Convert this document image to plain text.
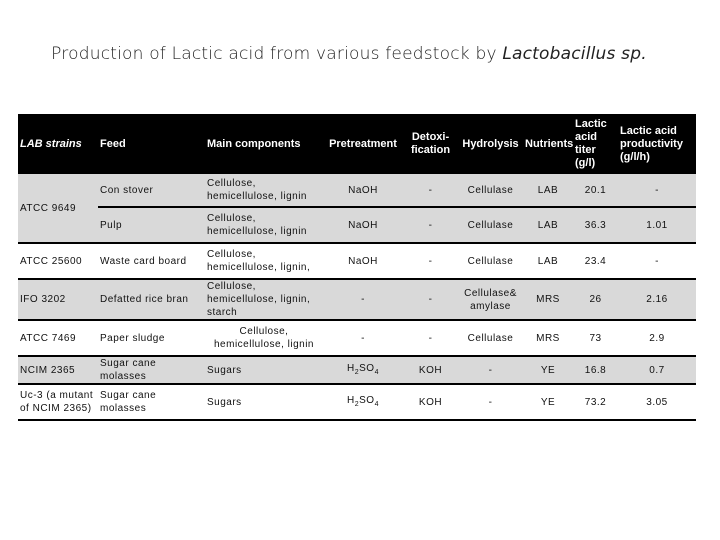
Production of Lactic acid from various feedstock by Lactobacillus sp.
LAB strains	Feed	Main components	Pretreatment	Detoxi-fication	Hydrolysis	Nutrients	Lactic acid titer (g/l)	Lactic acid productivity (g/l/h)
ATCC 9649	Con stover	Cellulose, hemicellulose, lignin	NaOH	-	Cellulase	LAB	20.1	-
	Pulp	Cellulose, hemicellulose, lignin	NaOH	-	Cellulase	LAB	36.3	1.01
ATCC 25600	Waste card board	Cellulose, hemicellulose, lignin,	NaOH	-	Cellulase	LAB	23.4	-
IFO 3202	Defatted rice bran	Cellulose, hemicellulose, lignin, starch	-	-	Cellulase& amylase	MRS	26	2.16
ATCC 7469	Paper sludge	Cellulose, hemicellulose, lignin	-	-	Cellulase	MRS	73	2.9
NCIM 2365	Sugar cane molasses	Sugars	$H_2SO_4$	KOH	-	YE	16.8	0.7
Uc-3 (a mutant of NCIM 2365)	Sugar cane molasses	Sugars	$H_2SO_4$	KOH	-	YE	73.2	3.05
